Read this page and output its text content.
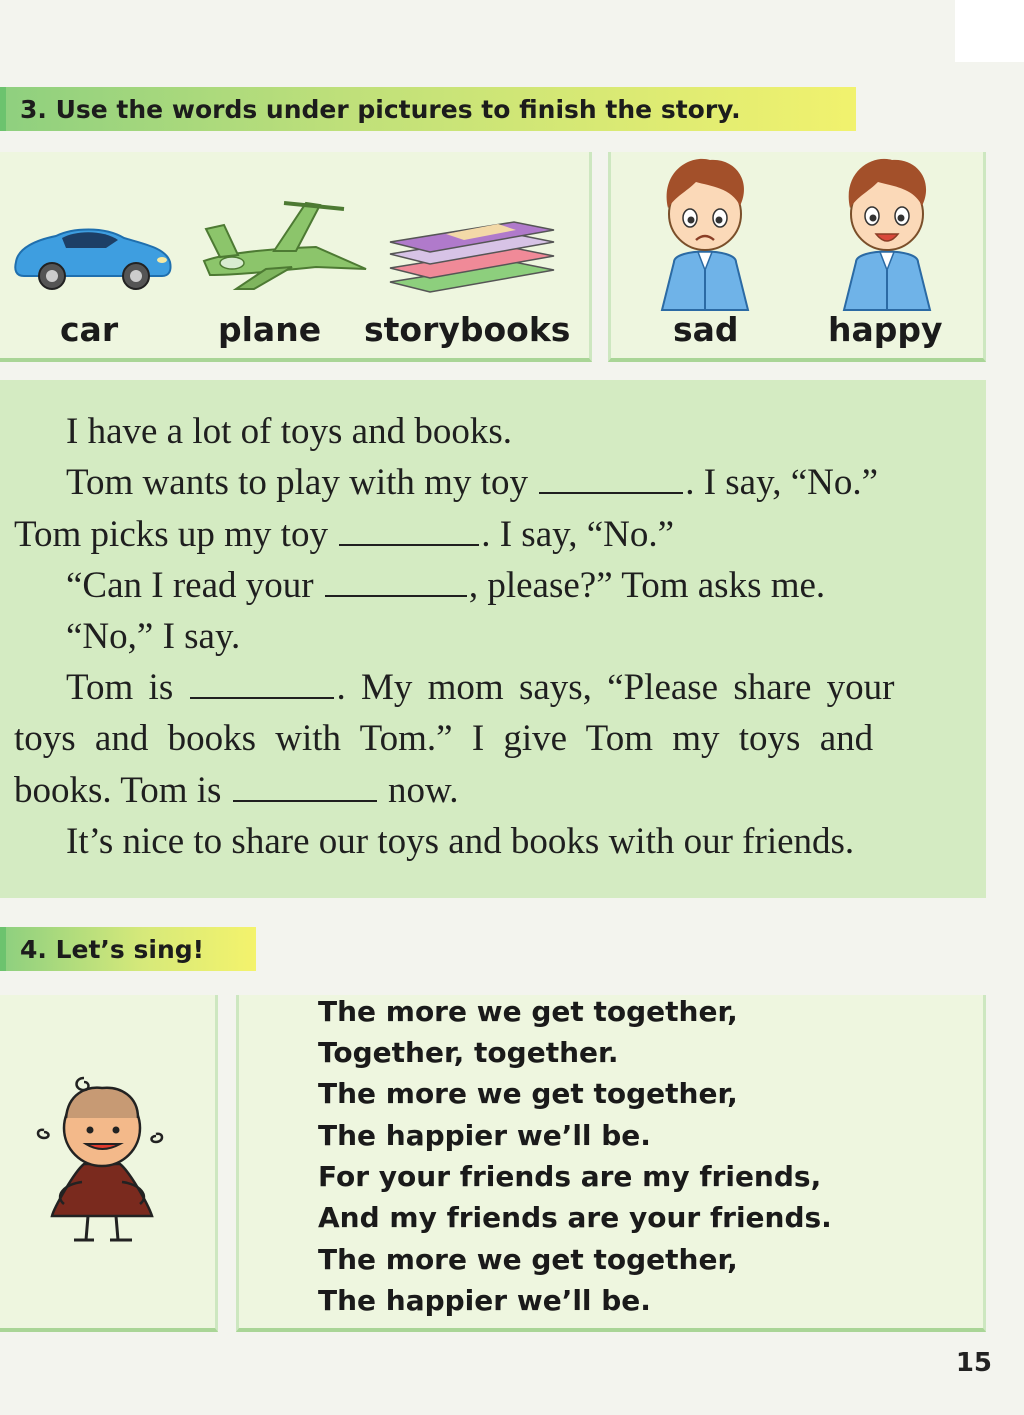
3. Use the words under pictures to finish the story.
car	plane storybooks	sad	happy
I have a lot of toys and books.
Tom wants to play with my toy	. I say, “No.”
Tom picks up my toy	. I say, “No.”
“Can I read your	, please?” Tom asks me.
“No,” I say.
Tom is	. My mom says, “Please share your
toys and books with Tom.” I give Tom my toys and
books. Tom is	now.
It’s nice to share our toys and books with our friends.
4. Let’s sing!
The more we get together,
Together, together.
The more we get together,
The happier we’ll be.
For your friends are my friends,
And my friends are your friends.
The more we get together,
The happier we’ll be.
15
